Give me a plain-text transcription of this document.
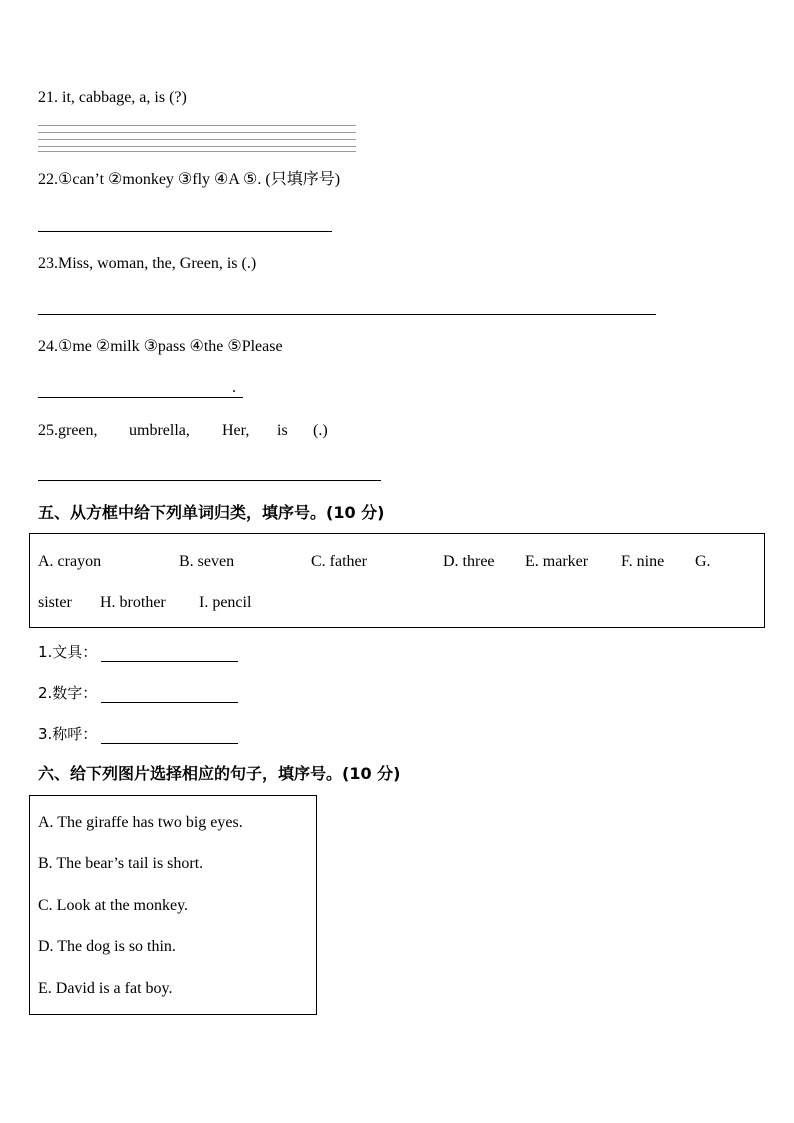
21. it, cabbage, a, is (?)
22.①can’t ②monkey ③fly ④A ⑤. (只填序号)
23.Miss, woman, the, Green, is (.)
24.①me ②milk ③pass ④the ⑤Please
.
25.green, umbrella, Her, is (.)
五、从方框中给下列单词归类，填序号。(10 分)
A. crayon	B. seven	C. father	D. three E. marker F. nine G.
sister H. brother I. pencil
1.文具：
2.数字：
3.称呼：
六、给下列图片选择相应的句子，填序号。(10 分)
A. The giraffe has two big eyes.
B. The bear’s tail is short.
C. Look at the monkey.
D. The dog is so thin.
E. David is a fat boy.
